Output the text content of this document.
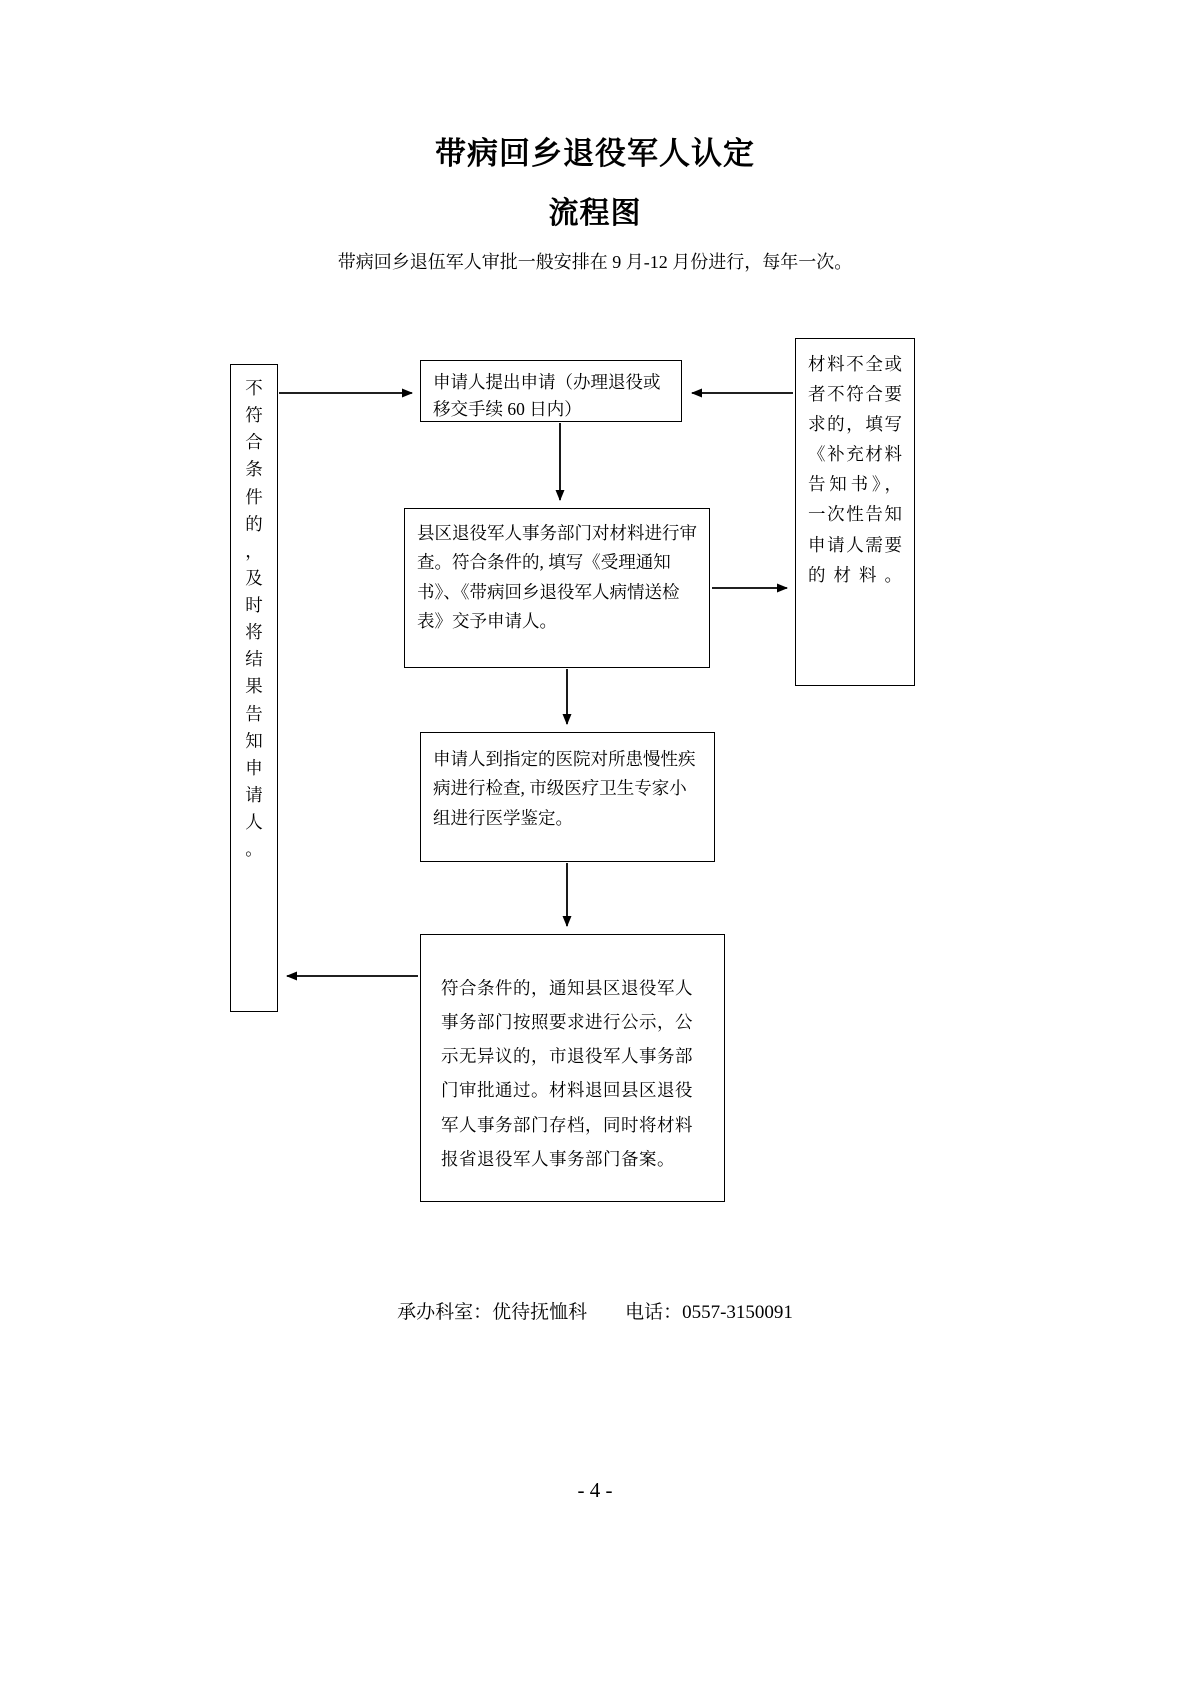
带病回乡退役军人认定
流程图
带病回乡退伍军人审批一般安排在 9 月-12 月份进行，每年一次。
不
符
合
条
件
的
，
及
时
将
结
果
告
知
申
请
人
。
材料不全或者不符合要求的，填写《补充材料告知书》，一次性告知申请人需要的材料。
申请人提出申请（办理退役或移交手续 60 日内）
县区退役军人事务部门对材料进行审查。符合条件的, 填写《受理通知书》、《带病回乡退役军人病情送检表》交予申请人。
申请人到指定的医院对所患慢性疾病进行检查, 市级医疗卫生专家小组进行医学鉴定。
符合条件的，通知县区退役军人事务部门按照要求进行公示，公示无异议的，市退役军人事务部门审批通过。材料退回县区退役军人事务部门存档，同时将材料报省退役军人事务部门备案。
承办科室：优待抚恤科 电话：0557-3150091
- 4 -
